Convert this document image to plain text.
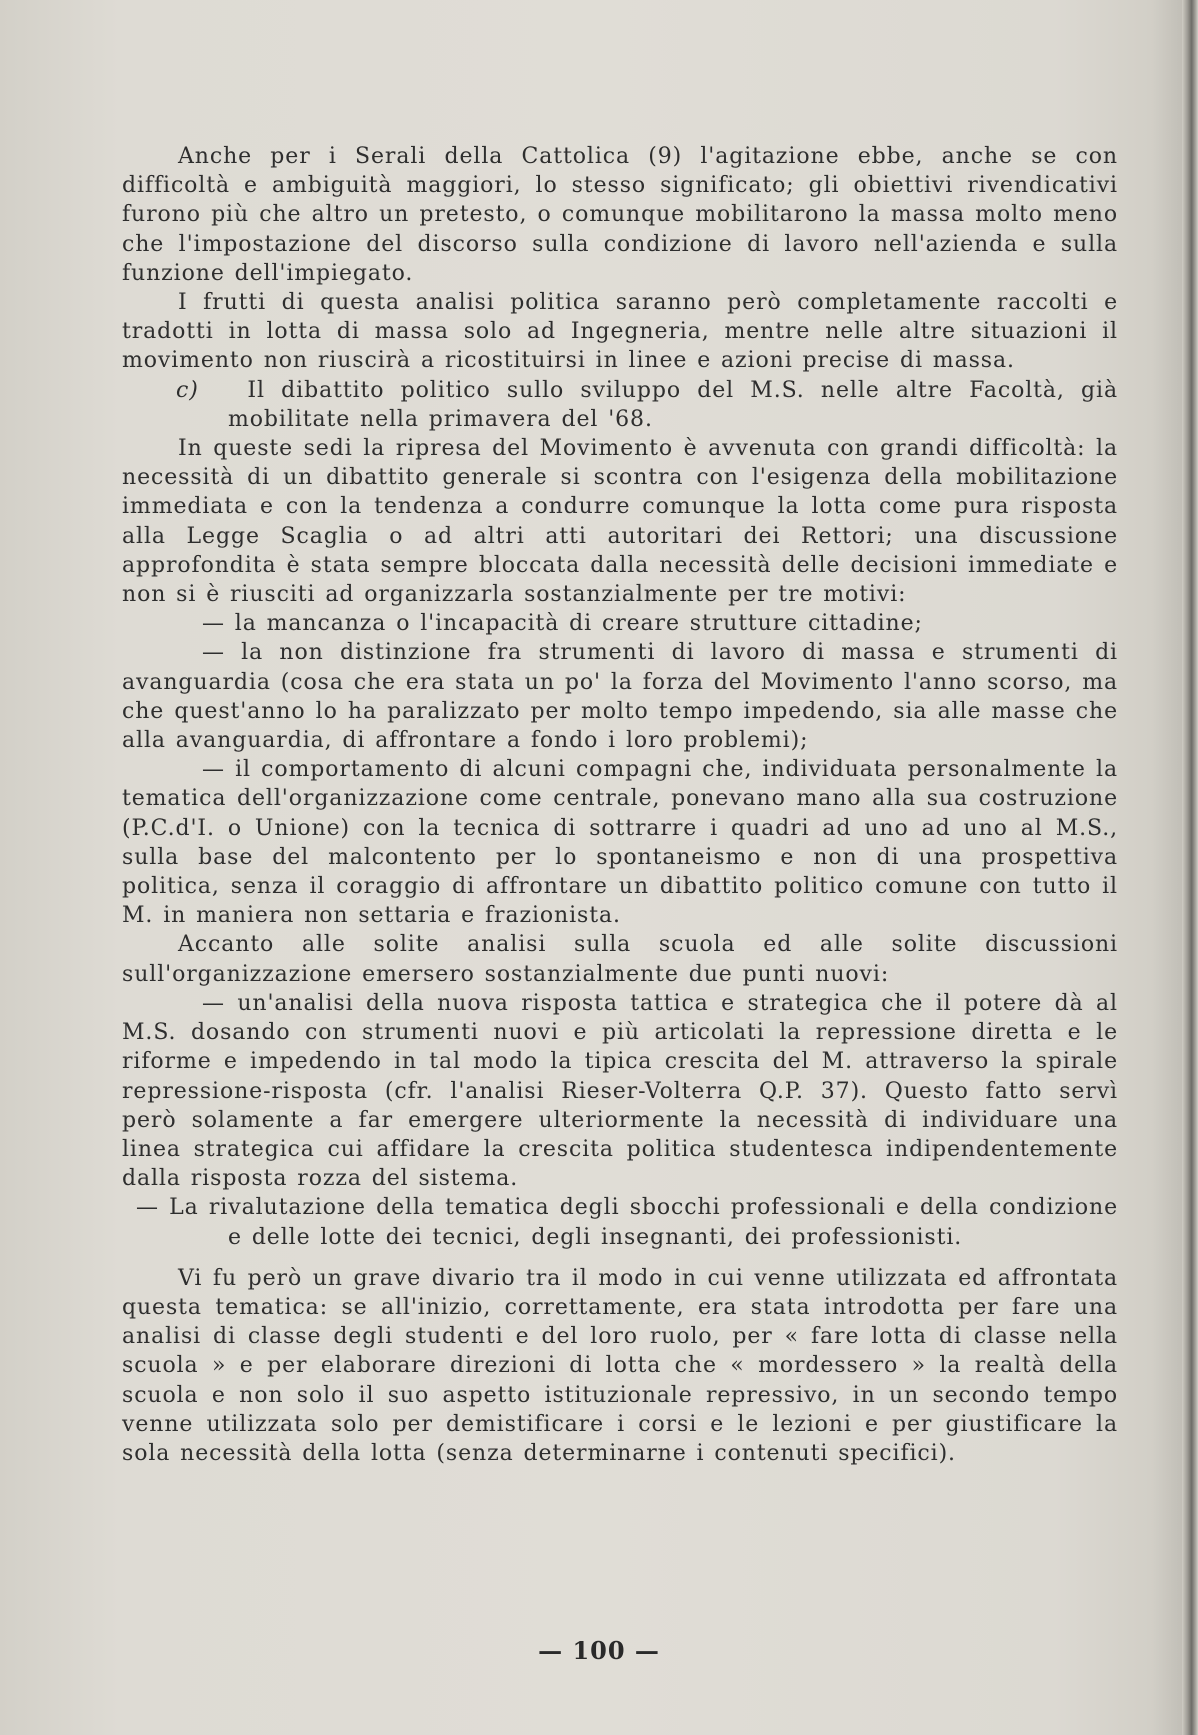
Anche per i Serali della Cattolica (9) l'agitazione ebbe, anche se con difficoltà e ambiguità maggiori, lo stesso significato; gli obiettivi rivendicativi furono più che altro un pretesto, o comunque mobilitarono la massa molto meno che l'impostazione del discorso sulla condizione di lavoro nell'azienda e sulla funzione dell'impiegato.

I frutti di questa analisi politica saranno però completamente raccolti e tradotti in lotta di massa solo ad Ingegneria, mentre nelle altre situazioni il movimento non riuscirà a ricostituirsi in linee e azioni precise di massa.

c) Il dibattito politico sullo sviluppo del M.S. nelle altre Facoltà, già mobilitate nella primavera del '68.

In queste sedi la ripresa del Movimento è avvenuta con grandi difficoltà: la necessità di un dibattito generale si scontra con l'esigenza della mobilitazione immediata e con la tendenza a condurre comunque la lotta come pura risposta alla Legge Scaglia o ad altri atti autoritari dei Rettori; una discussione approfondita è stata sempre bloccata dalla necessità delle decisioni immediate e non si è riusciti ad organizzarla sostanzialmente per tre motivi:

— la mancanza o l'incapacità di creare strutture cittadine;

— la non distinzione fra strumenti di lavoro di massa e strumenti di avanguardia (cosa che era stata un po' la forza del Movimento l'anno scorso, ma che quest'anno lo ha paralizzato per molto tempo impedendo, sia alle masse che alla avanguardia, di affrontare a fondo i loro problemi);

— il comportamento di alcuni compagni che, individuata personalmente la tematica dell'organizzazione come centrale, ponevano mano alla sua costruzione (P.C.d'I. o Unione) con la tecnica di sottrarre i quadri ad uno ad uno al M.S., sulla base del malcontento per lo spontaneismo e non di una prospettiva politica, senza il coraggio di affrontare un dibattito politico comune con tutto il M. in maniera non settaria e frazionista.

Accanto alle solite analisi sulla scuola ed alle solite discussioni sull'organizzazione emersero sostanzialmente due punti nuovi:

— un'analisi della nuova risposta tattica e strategica che il potere dà al M.S. dosando con strumenti nuovi e più articolati la repressione diretta e le riforme e impedendo in tal modo la tipica crescita del M. attraverso la spirale repressione-risposta (cfr. l'analisi Rieser-Volterra Q.P. 37). Questo fatto servì però solamente a far emergere ulteriormente la necessità di individuare una linea strategica cui affidare la crescita politica studentesca indipendentemente dalla risposta rozza del sistema.

— La rivalutazione della tematica degli sbocchi professionali e della condizione e delle lotte dei tecnici, degli insegnanti, dei professionisti.

Vi fu però un grave divario tra il modo in cui venne utilizzata ed affrontata questa tematica: se all'inizio, correttamente, era stata introdotta per fare una analisi di classe degli studenti e del loro ruolo, per « fare lotta di classe nella scuola » e per elaborare direzioni di lotta che « mordessero » la realtà della scuola e non solo il suo aspetto istituzionale repressivo, in un secondo tempo venne utilizzata solo per demistificare i corsi e le lezioni e per giustificare la sola necessità della lotta (senza determinarne i contenuti specifici).

— 100 —
